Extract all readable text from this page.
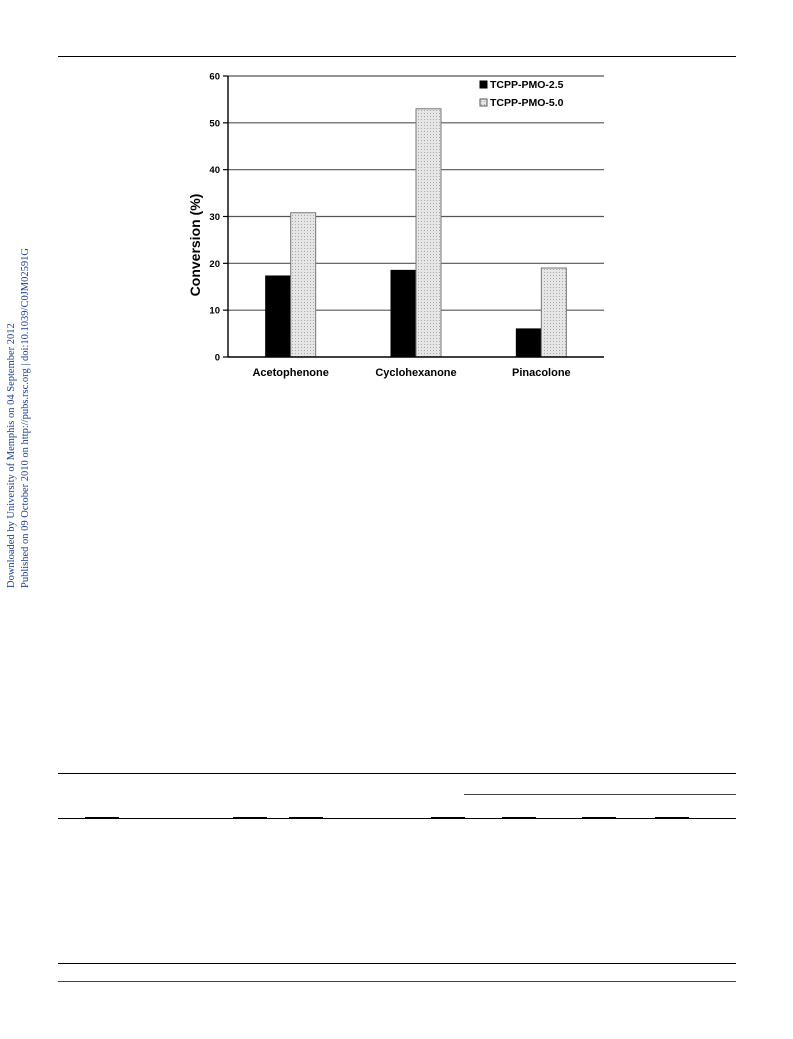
Downloaded by University of Memphis on 04 September 2012 Published on 09 October 2010 on http://pubs.rsc.org | doi:10.1039/C0JM02591G	0
10
20
30
40
50
60
Acetophenone	Cyclohexanone	Pinacolone
Conversion (%)
TCPP-PMO-2.5
TCPP-PMO-5.0
